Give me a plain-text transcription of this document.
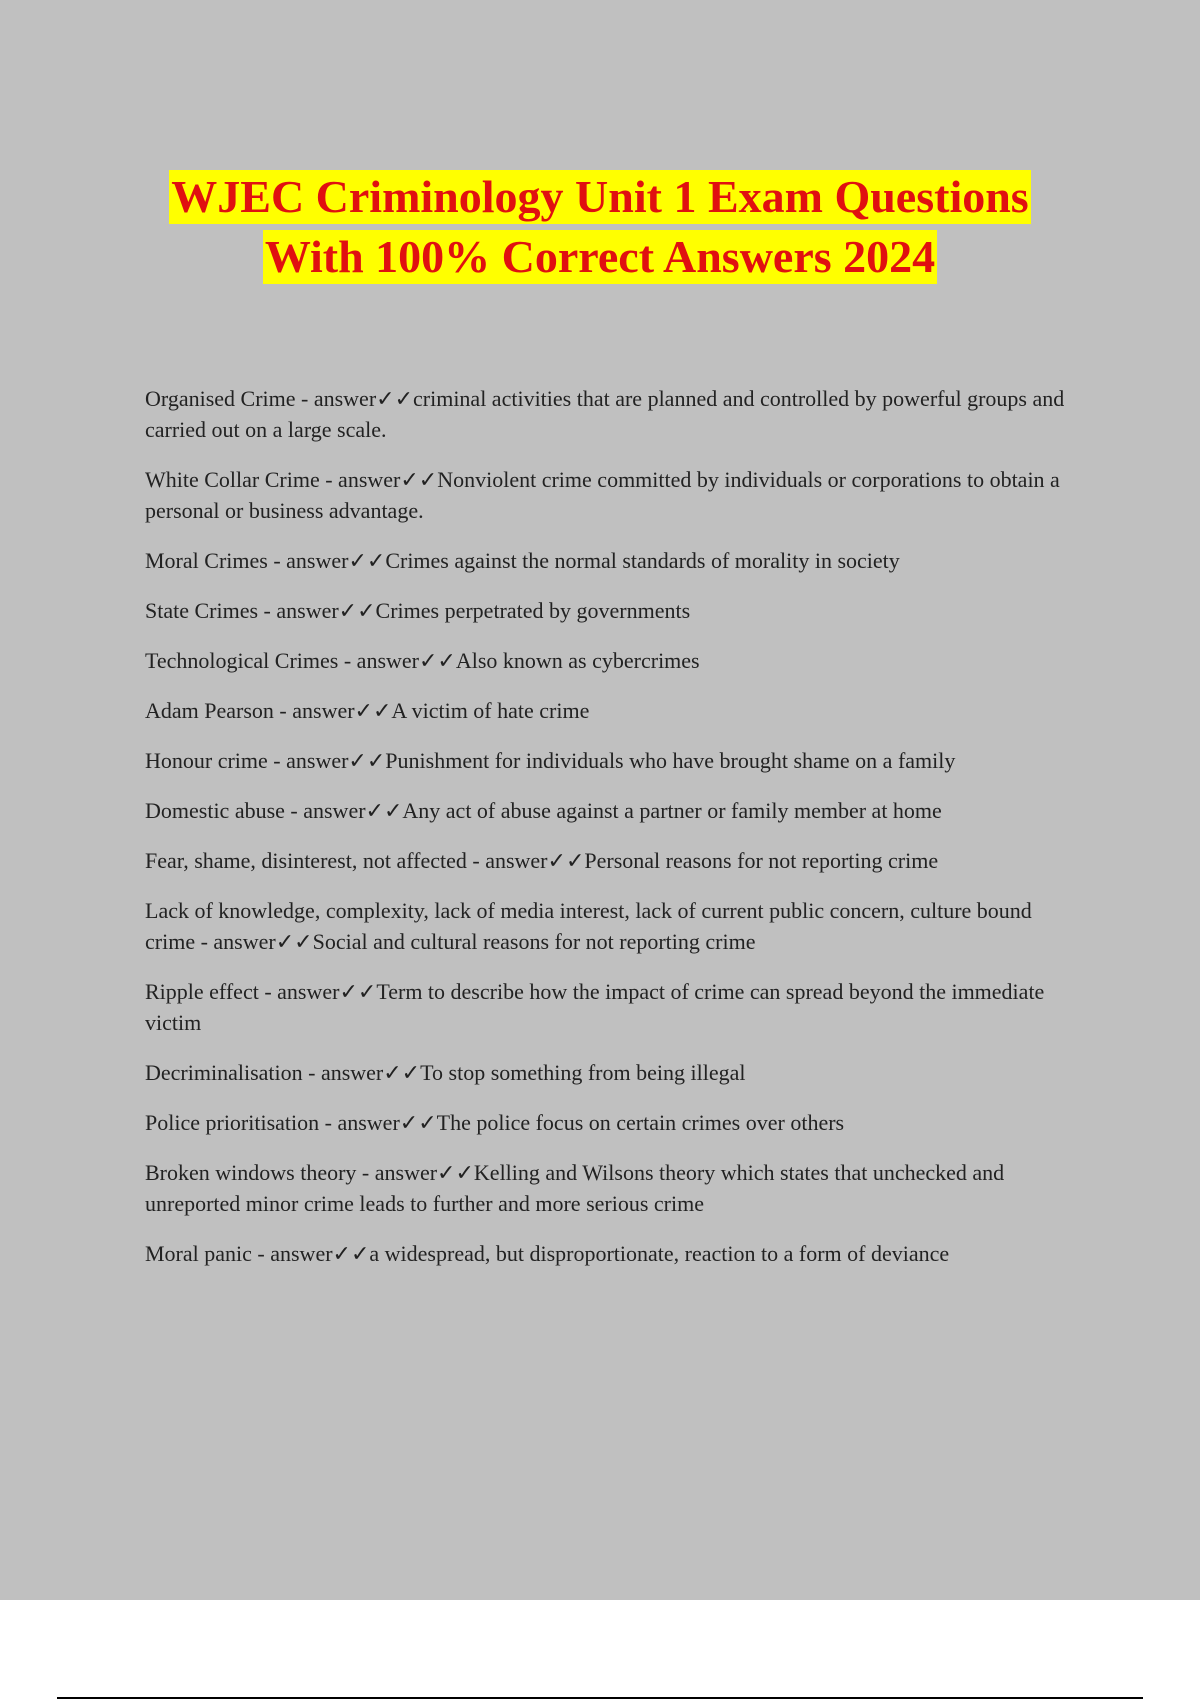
WJEC Criminology Unit 1 Exam Questions
With 100% Correct Answers 2024
Organised Crime - answer✓✓criminal activities that are planned and controlled by powerful groups and carried out on a large scale.
White Collar Crime - answer✓✓Nonviolent crime committed by individuals or corporations to obtain a personal or business advantage.
Moral Crimes - answer✓✓Crimes against the normal standards of morality in society
State Crimes - answer✓✓Crimes perpetrated by governments
Technological Crimes - answer✓✓Also known as cybercrimes
Adam Pearson - answer✓✓A victim of hate crime
Honour crime - answer✓✓Punishment for individuals who have brought shame on a family
Domestic abuse - answer✓✓Any act of abuse against a partner or family member at home
Fear, shame, disinterest, not affected - answer✓✓Personal reasons for not reporting crime
Lack of knowledge, complexity, lack of media interest, lack of current public concern, culture bound crime - answer✓✓Social and cultural reasons for not reporting crime
Ripple effect - answer✓✓Term to describe how the impact of crime can spread beyond the immediate victim
Decriminalisation - answer✓✓To stop something from being illegal
Police prioritisation - answer✓✓The police focus on certain crimes over others
Broken windows theory - answer✓✓Kelling and Wilsons theory which states that unchecked and unreported minor crime leads to further and more serious crime
Moral panic - answer✓✓a widespread, but disproportionate, reaction to a form of deviance
